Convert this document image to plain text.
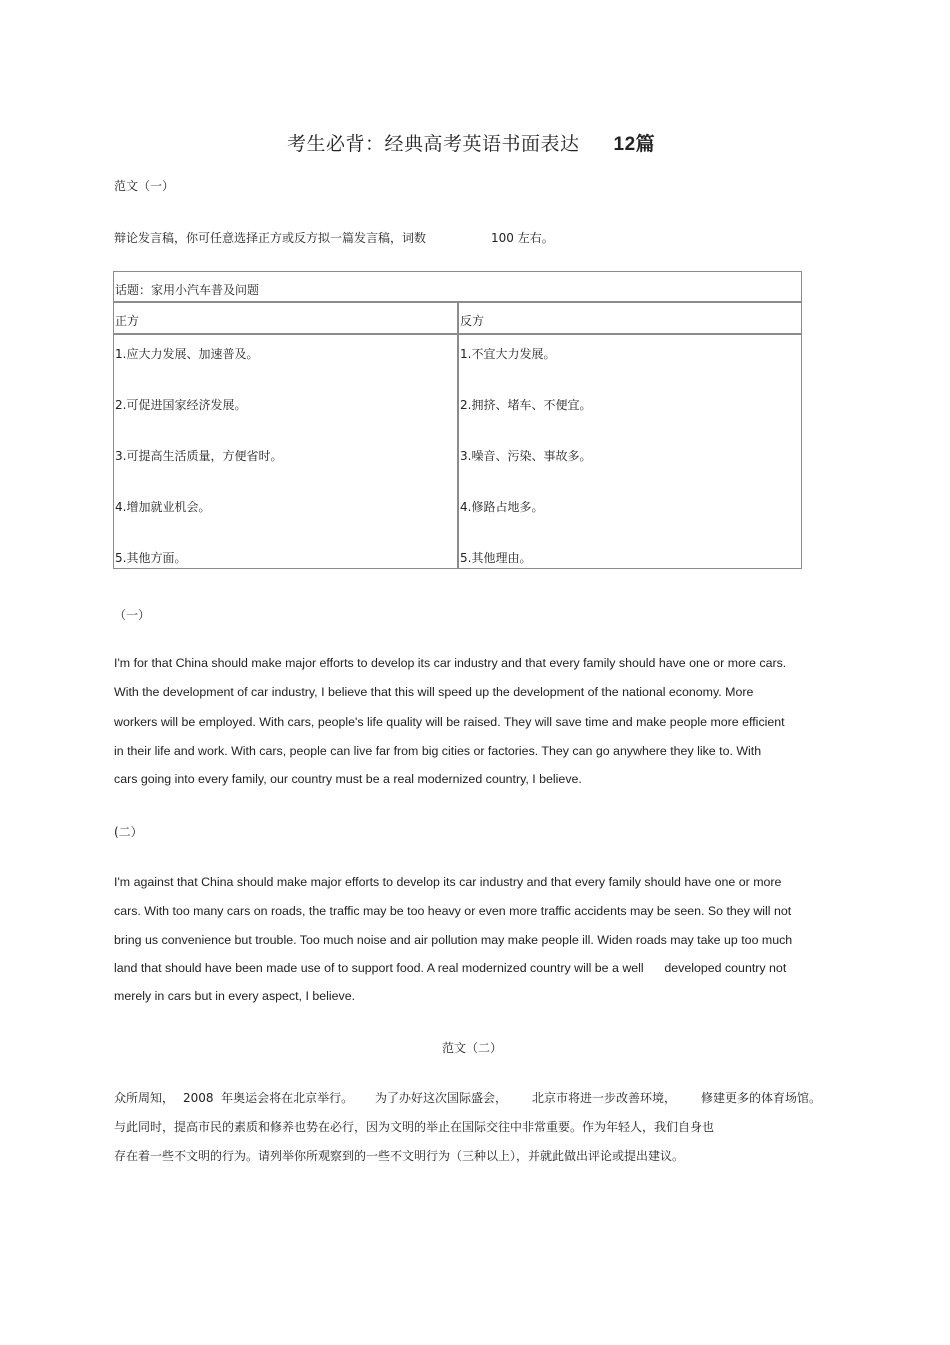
考生必背：经典高考英语书面表达 12篇
范文（一）
辩论发言稿，你可任意选择正方或反方拟一篇发言稿，词数	100 左右。
话题：家用小汽车普及问题
正方	反方
1.应大力发展、加速普及。
2.可促进国家经济发展。
3.可提高生活质量，方便省时。
4.增加就业机会。
5.其他方面。
1.不宜大力发展。
2.拥挤、堵车、不便宜。
3.噪音、污染、事故多。
4.修路占地多。
5.其他理由。
（一）
I'm for that China should make major efforts to develop its car industry and that every family should have one or more cars.
With the development of car industry, I believe that this will speed up the development of the national economy. More
workers will be employed. With cars, people's life quality will be raised. They will save time and make people more efficient
in their life and work. With cars, people can live far from big cities or factories. They can go anywhere they like to. With
cars going into every family, our country must be a real modernized country, I believe.
(二）
I'm against that China should make major efforts to develop its car industry and that every family should have one or more
cars. With too many cars on roads, the traffic may be too heavy or even more traffic accidents may be seen. So they will not
bring us convenience but trouble. Too much noise and air pollution may make people ill. Widen roads may take up too much
land that should have been made use of to support food. A real modernized country will be a well      developed country not
merely in cars but in every aspect, I believe.
范文（二）
众所周知， 2008  年奥运会将在北京举行。 为了办好这次国际盛会， 北京市将进一步改善环境， 修建更多的体育场馆。
与此同时，提高市民的素质和修养也势在必行，因为文明的举止在国际交往中非常重要。作为年轻人，我们自身也
存在着一些不文明的行为。请列举你所观察到的一些不文明行为（三种以上），并就此做出评论或提出建议。
